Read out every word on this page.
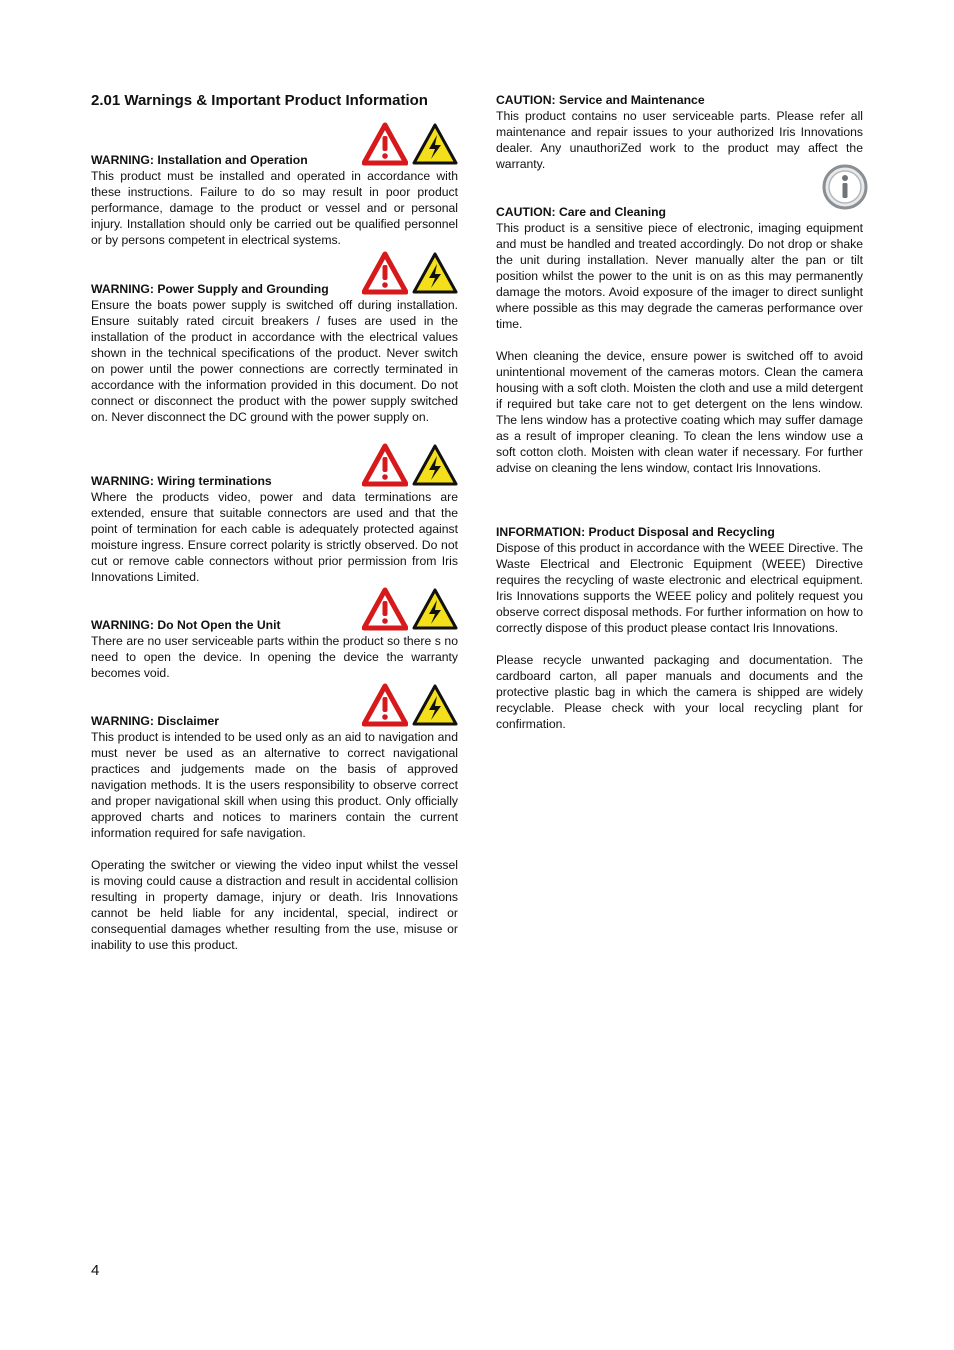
2.01 Warnings & Important Product Information

WARNING: Installation and Operation

This product must be installed and operated in accordance with these instructions. Failure to do so may result in poor product performance, damage to the product or vessel and or personal injury. Installation should only be carried out be qualified personnel or by persons competent in electrical systems.

WARNING: Power Supply and Grounding

Ensure the boats power supply is switched off during installation. Ensure suitably rated circuit breakers / fuses are used in the installation of the product in accordance with the electrical values shown in the technical specifications of the product. Never switch on power until the power connections are correctly terminated in accordance with the information provided in this document. Do not connect or disconnect the product with the power supply switched on. Never disconnect the DC ground with the power supply on.

WARNING: Wiring terminations

Where the products video, power and data terminations are extended, ensure that suitable connectors are used and that the point of termination for each cable is adequately protected against moisture ingress. Ensure correct polarity is strictly observed. Do not cut or remove cable connectors without prior permission from Iris Innovations Limited.

WARNING: Do Not Open the Unit

There are no user serviceable parts within the product so there s no need to open the device. In opening the device the warranty becomes void.

WARNING: Disclaimer

This product is intended to be used only as an aid to navigation and must never be used as an alternative to correct navigational practices and judgements made on the basis of approved navigation methods. It is the users responsibility to observe correct and proper navigational skill when using this product. Only officially approved charts and notices to mariners contain the current information required for safe navigation.

Operating the switcher or viewing the video input whilst the vessel is moving could cause a distraction and result in accidental collision resulting in property damage, injury or death. Iris Innovations cannot be held liable for any incidental, special, indirect or consequential damages whether resulting from the use, misuse or inability to use this product.

CAUTION: Service and Maintenance

This product contains no user serviceable parts. Please refer all maintenance and repair issues to your authorized Iris Innovations dealer. Any unauthoriZed work to the product may affect the warranty.

CAUTION: Care and Cleaning

This product is a sensitive piece of electronic, imaging equipment and must be handled and treated accordingly. Do not drop or shake the unit during installation. Never manually alter the pan or tilt position whilst the power to the unit is on as this may permanently damage the motors. Avoid exposure of the imager to direct sunlight where possible as this may degrade the cameras performance over time.

When cleaning the device, ensure power is switched off to avoid unintentional movement of the cameras motors. Clean the camera housing with a soft cloth. Moisten the cloth and use a mild detergent if required but take care not to get detergent on the lens window. The lens window has a protective coating which may suffer damage as a result of improper cleaning. To clean the lens window use a soft cotton cloth. Moisten with clean water if necessary. For further advise on cleaning the lens window, contact Iris Innovations.

INFORMATION: Product Disposal and Recycling

Dispose of this product in accordance with the WEEE Directive. The Waste Electrical and Electronic Equipment (WEEE) Directive requires the recycling of waste electronic and electrical equipment. Iris Innovations supports the WEEE policy and politely request you observe correct disposal methods. For further information on how to correctly dispose of this product please contact Iris Innovations.

Please recycle unwanted packaging and documentation. The cardboard carton, all paper manuals and documents and the protective plastic bag in which the camera is shipped are widely recyclable. Please check with your local recycling plant for confirmation.

4
